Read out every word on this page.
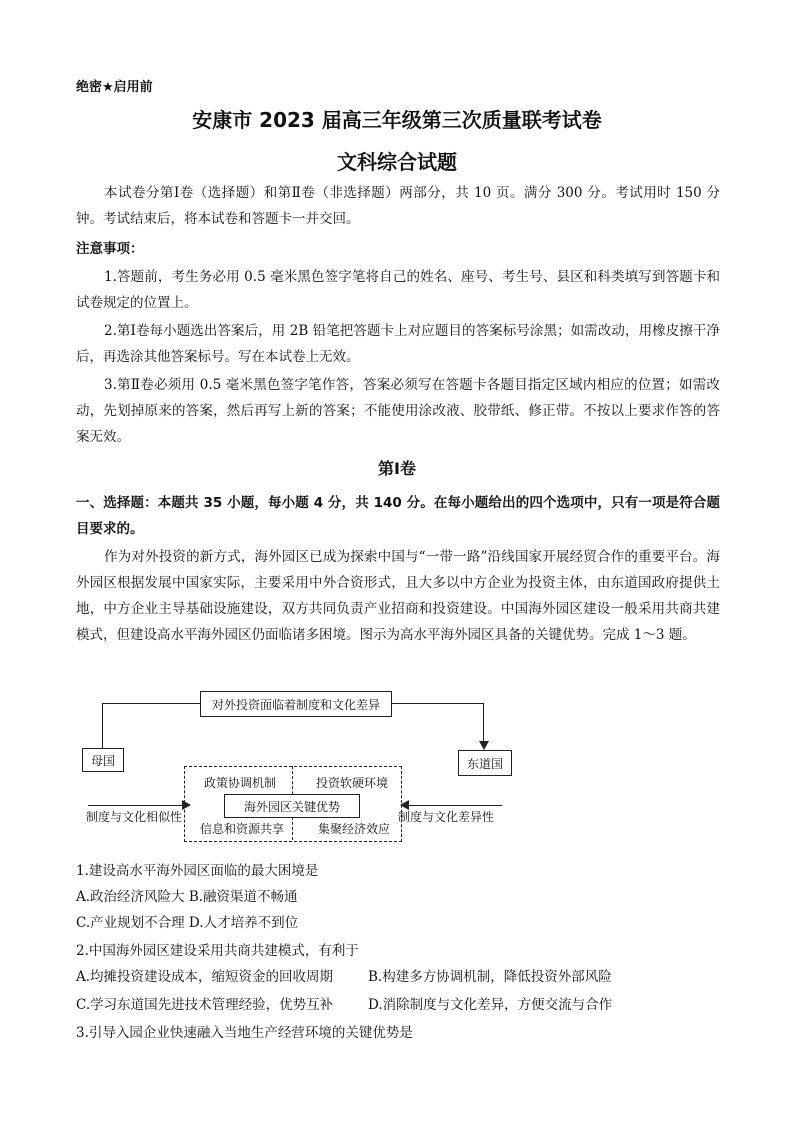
绝密★启用前
安康市 2023 届高三年级第三次质量联考试卷
文科综合试题
本试卷分第Ⅰ卷（选择题）和第Ⅱ卷（非选择题）两部分，共 10 页。满分 300 分。考试用时 150 分钟。考试结束后，将本试卷和答题卡一并交回。
注意事项：
1.答题前，考生务必用 0.5 毫米黑色签字笔将自己的姓名、座号、考生号、县区和科类填写到答题卡和试卷规定的位置上。
2.第Ⅰ卷每小题选出答案后，用 2B 铅笔把答题卡上对应题目的答案标号涂黑；如需改动，用橡皮擦干净后，再选涂其他答案标号。写在本试卷上无效。
3.第Ⅱ卷必须用 0.5 毫米黑色签字笔作答，答案必须写在答题卡各题目指定区域内相应的位置；如需改动，先划掉原来的答案，然后再写上新的答案；不能使用涂改液、胶带纸、修正带。不按以上要求作答的答案无效。
第Ⅰ卷
一、选择题：本题共 35 小题，每小题 4 分，共 140 分。在每小题给出的四个选项中，只有一项是符合题目要求的。
作为对外投资的新方式，海外园区已成为探索中国与“一带一路”沿线国家开展经贸合作的重要平台。海外园区根据发展中国家实际，主要采用中外合资形式，且大多以中方企业为投资主体，由东道国政府提供土地，中方企业主导基础设施建设，双方共同负责产业招商和投资建设。中国海外园区建设一般采用共商共建模式，但建设高水平海外园区仍面临诸多困境。图示为高水平海外园区具备的关键优势。完成 1～3 题。
对外投资面临着制度和文化差异
母国	东道国
政策协调机制	投资软硬环境
信息和资源共享	集聚经济效应
海外园区关键优势
制度与文化相似性	制度与文化差异性
1.建设高水平海外园区面临的最大困境是
A.政治经济风险大 B.融资渠道不畅通
C.产业规划不合理 D.人才培养不到位
2.中国海外园区建设采用共商共建模式，有利于
A.均摊投资建设成本，缩短资金的回收周期	B.构建多方协调机制，降低投资外部风险
C.学习东道国先进技术管理经验，优势互补	D.消除制度与文化差异，方便交流与合作
3.引导入园企业快速融入当地生产经营环境的关键优势是
